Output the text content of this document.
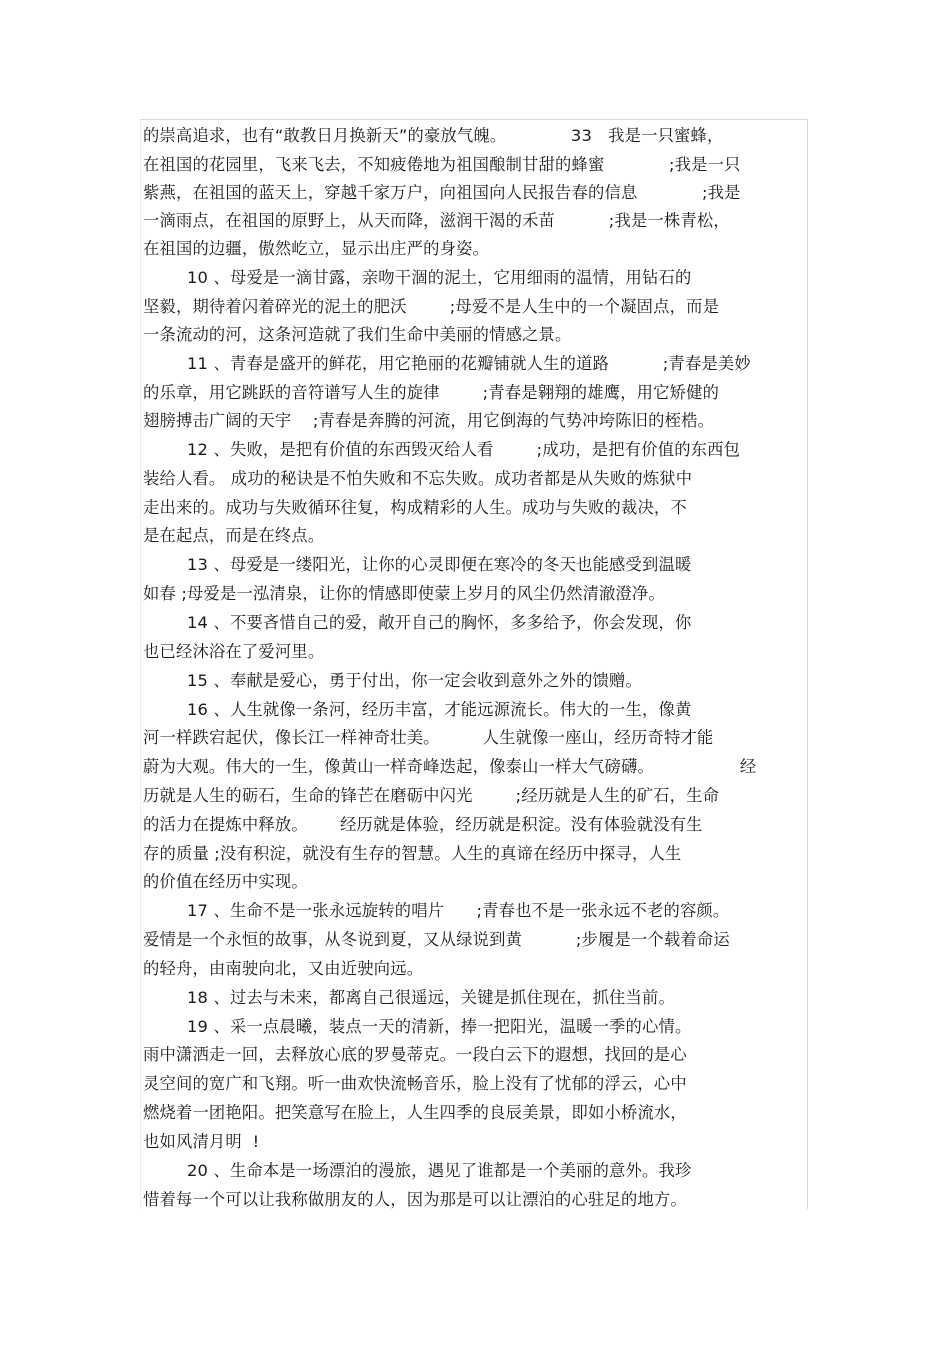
的崇高追求，也有“敢教日月换新天”的豪放气魄。            33   我是一只蜜蜂，
在祖国的花园里，飞来飞去，不知疲倦地为祖国酿制甘甜的蜂蜜            ;我是一只
紫燕，在祖国的蓝天上，穿越千家万户，向祖国向人民报告春的信息            ;我是
一滴雨点，在祖国的原野上，从天而降，滋润干渴的禾苗          ;我是一株青松，
在祖国的边疆，傲然屹立，显示出庄严的身姿。
10 、母爱是一滴甘露，亲吻干涸的泥土，它用细雨的温情，用钻石的
坚毅，期待着闪着碎光的泥土的肥沃        ;母爱不是人生中的一个凝固点，而是
一条流动的河，这条河造就了我们生命中美丽的情感之景。
11 、青春是盛开的鲜花，用它艳丽的花瓣铺就人生的道路          ;青春是美妙
的乐章，用它跳跃的音符谱写人生的旋律        ;青春是翱翔的雄鹰，用它矫健的
翅膀搏击广阔的天宇    ;青春是奔腾的河流，用它倒海的气势冲垮陈旧的桎梏。
12 、失败，是把有价值的东西毁灭给人看        ;成功，是把有价值的东西包
装给人看。 成功的秘诀是不怕失败和不忘失败。成功者都是从失败的炼狱中
走出来的。成功与失败循环往复，构成精彩的人生。成功与失败的裁决，不
是在起点，而是在终点。
13 、母爱是一缕阳光，让你的心灵即便在寒冷的冬天也能感受到温暖
如春 ;母爱是一泓清泉，让你的情感即使蒙上岁月的风尘仍然清澈澄净。
14 、不要吝惜自己的爱，敞开自己的胸怀，多多给予，你会发现，你
也已经沐浴在了爱河里。
15 、奉献是爱心，勇于付出，你一定会收到意外之外的馈赠。
16 、人生就像一条河，经历丰富，才能远源流长。伟大的一生，像黄
河一样跌宕起伏，像长江一样神奇壮美。        人生就像一座山，经历奇特才能
蔚为大观。伟大的一生，像黄山一样奇峰迭起，像泰山一样大气磅礴。                经
历就是人生的砺石，生命的锋芒在磨砺中闪光        ;经历就是人生的矿石，生命
的活力在提炼中释放。      经历就是体验，经历就是积淀。没有体验就没有生
存的质量 ;没有积淀，就没有生存的智慧。人生的真谛在经历中探寻，人生
的价值在经历中实现。
17 、生命不是一张永远旋转的唱片      ;青春也不是一张永远不老的容颜。
爱情是一个永恒的故事，从冬说到夏，又从绿说到黄          ;步履是一个载着命运
的轻舟，由南驶向北，又由近驶向远。
18 、过去与未来，都离自己很遥远，关键是抓住现在，抓住当前。
19 、采一点晨曦，装点一天的清新，捧一把阳光，温暖一季的心情。
雨中潇洒走一回，去释放心底的罗曼蒂克。一段白云下的遐想，找回的是心
灵空间的宽广和飞翔。听一曲欢快流畅音乐，脸上没有了忧郁的浮云，心中
燃烧着一团艳阳。把笑意写在脸上，人生四季的良辰美景，即如小桥流水，
也如风清月明  !
20 、生命本是一场漂泊的漫旅，遇见了谁都是一个美丽的意外。我珍
惜着每一个可以让我称做朋友的人，因为那是可以让漂泊的心驻足的地方。
